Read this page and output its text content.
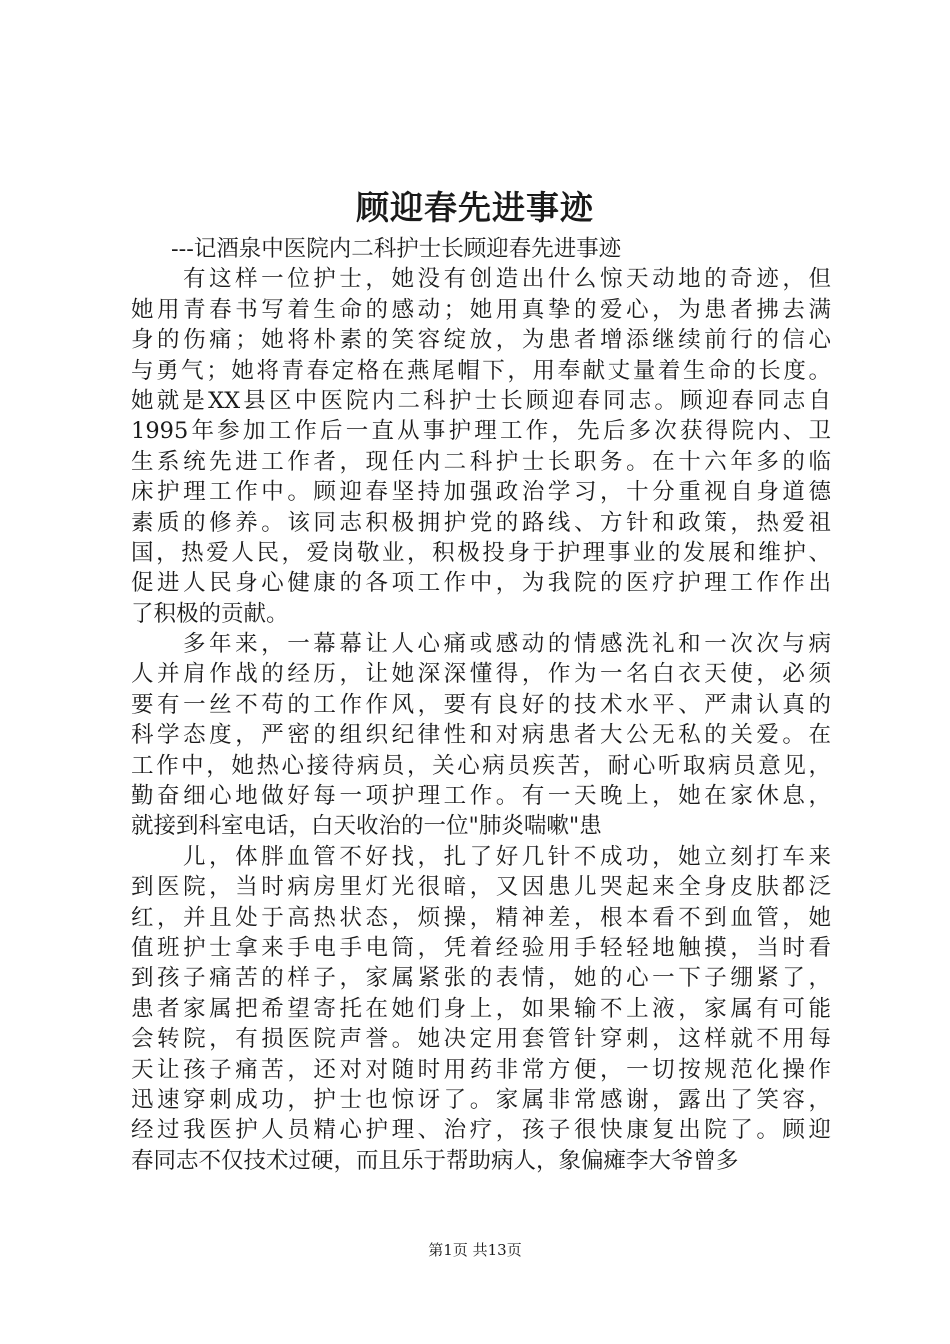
顾迎春先进事迹
---记酒泉中医院内二科护士长顾迎春先进事迹
有这样一位护士，她没有创造出什么惊天动地的奇迹，但
她用青春书写着生命的感动；她用真挚的爱心，为患者拂去满
身的伤痛；她将朴素的笑容绽放，为患者增添继续前行的信心
与勇气；她将青春定格在燕尾帽下，用奉献丈量着生命的长度。
她就是XX县区中医院内二科护士长顾迎春同志。顾迎春同志自
1995年参加工作后一直从事护理工作，先后多次获得院内、卫
生系统先进工作者，现任内二科护士长职务。在十六年多的临
床护理工作中。顾迎春坚持加强政治学习，十分重视自身道德
素质的修养。该同志积极拥护党的路线、方针和政策，热爱祖
国，热爱人民，爱岗敬业，积极投身于护理事业的发展和维护、
促进人民身心健康的各项工作中，为我院的医疗护理工作作出
了积极的贡献。
多年来，一幕幕让人心痛或感动的情感洗礼和一次次与病
人并肩作战的经历，让她深深懂得，作为一名白衣天使，必须
要有一丝不苟的工作作风，要有良好的技术水平、严肃认真的
科学态度，严密的组织纪律性和对病患者大公无私的关爱。在
工作中，她热心接待病员，关心病员疾苦，耐心听取病员意见，
勤奋细心地做好每一项护理工作。有一天晚上，她在家休息，
就接到科室电话，白天收治的一位"肺炎喘嗽"患
儿，体胖血管不好找，扎了好几针不成功，她立刻打车来
到医院，当时病房里灯光很暗，又因患儿哭起来全身皮肤都泛
红，并且处于高热状态，烦操，精神差，根本看不到血管，她
值班护士拿来手电手电筒，凭着经验用手轻轻地触摸，当时看
到孩子痛苦的样子，家属紧张的表情，她的心一下子绷紧了，
患者家属把希望寄托在她们身上，如果输不上液，家属有可能
会转院，有损医院声誉。她决定用套管针穿刺，这样就不用每
天让孩子痛苦，还对对随时用药非常方便，一切按规范化操作
迅速穿刺成功，护士也惊讶了。家属非常感谢，露出了笑容，
经过我医护人员精心护理、治疗，孩子很快康复出院了。顾迎
春同志不仅技术过硬，而且乐于帮助病人，象偏瘫李大爷曾多
第1页 共13页
